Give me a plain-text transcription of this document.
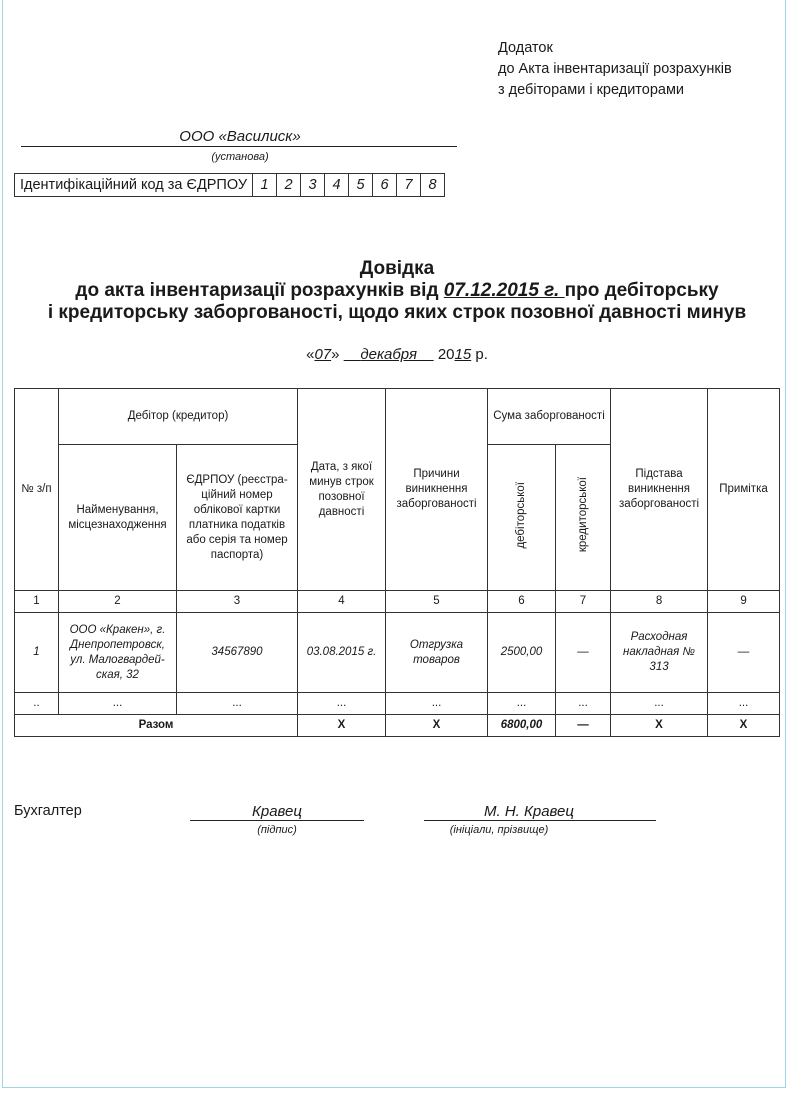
Додаток
до Акта інвентаризації розрахунків
з дебіторами і кредиторами
ООО «Василиск»
(установа)
Ідентифікаційний код за ЄДРПОУ	1	2	3	4	5	6	7	8
Довідка
до акта інвентаризації розрахунків від 07.12.2015 г. про дебіторську
і кредиторську заборгованості, щодо яких строк позовної давності минув
«07» декабря 2015 р.
№ з/п	Дебітор (кредитор)		Дата, з якої минув строк позовної давності	Причини виникнення заборгованості	Сума заборгованості		Підстава виникнення заборгованості	Примітка
	Найменування, місцезнаходження	ЄДРПОУ (реєстра-ційний номер облікової картки платника податків або серія та номер паспорта)			дебіторської	кредиторської		
1	2	3	4	5	6	7	8	9
1	ООО «Кракен», г. Днепропетровск, ул. Малогвардей-ская, 32	34567890	03.08.2015 г.	Отгрузка товаров	2500,00	—	Расходная накладная № 313	—
..	...	...	...	...	...	...	...	...
Разом			Х	Х	6800,00	—	Х	Х
Бухгалтер	Кравец
(підпис)
М. Н. Кравец
(ініціали, прізвище)
